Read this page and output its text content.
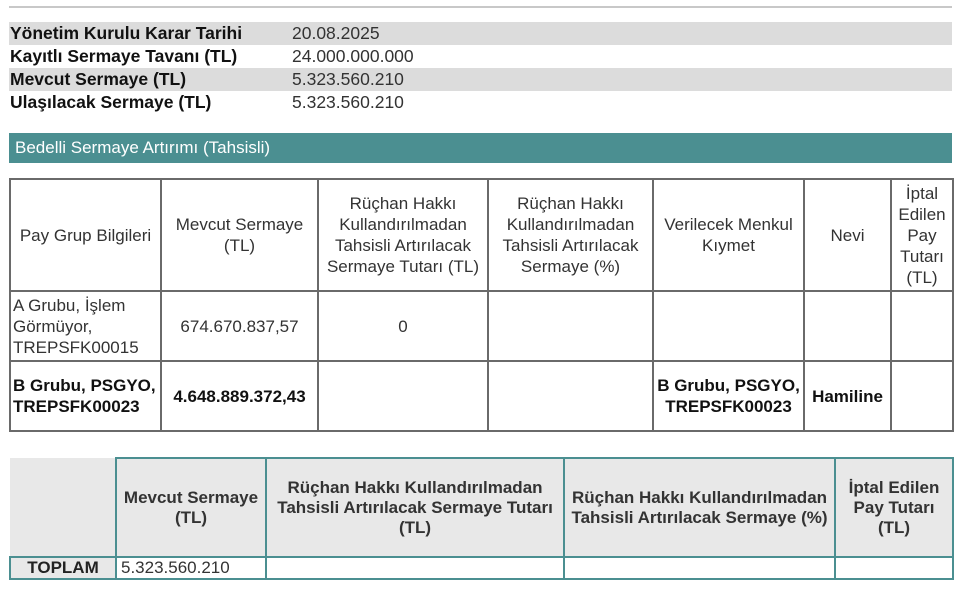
Yönetim Kurulu Karar Tarihi	20.08.2025
Kayıtlı Sermaye Tavanı (TL)	24.000.000.000
Mevcut Sermaye (TL)	5.323.560.210
Ulaşılacak Sermaye (TL)	5.323.560.210
Bedelli Sermaye Artırımı (Tahsisli)
Pay Grup Bilgileri	Mevcut Sermaye (TL)	Rüçhan Hakkı Kullandırılmadan Tahsisli Artırılacak Sermaye Tutarı (TL)	Rüçhan Hakkı Kullandırılmadan Tahsisli Artırılacak Sermaye (%)	Verilecek Menkul Kıymet	Nevi	İptal Edilen Pay Tutarı (TL)
A Grubu, İşlem Görmüyor, TREPSFK00015	674.670.837,57	0				
B Grubu, PSGYO, TREPSFK00023	4.648.889.372,43			B Grubu, PSGYO, TREPSFK00023	Hamiline	
	Mevcut Sermaye (TL)	Rüçhan Hakkı Kullandırılmadan Tahsisli Artırılacak Sermaye Tutarı (TL)	Rüçhan Hakkı Kullandırılmadan Tahsisli Artırılacak Sermaye (%)	İptal Edilen Pay Tutarı (TL)
TOPLAM	5.323.560.210			
